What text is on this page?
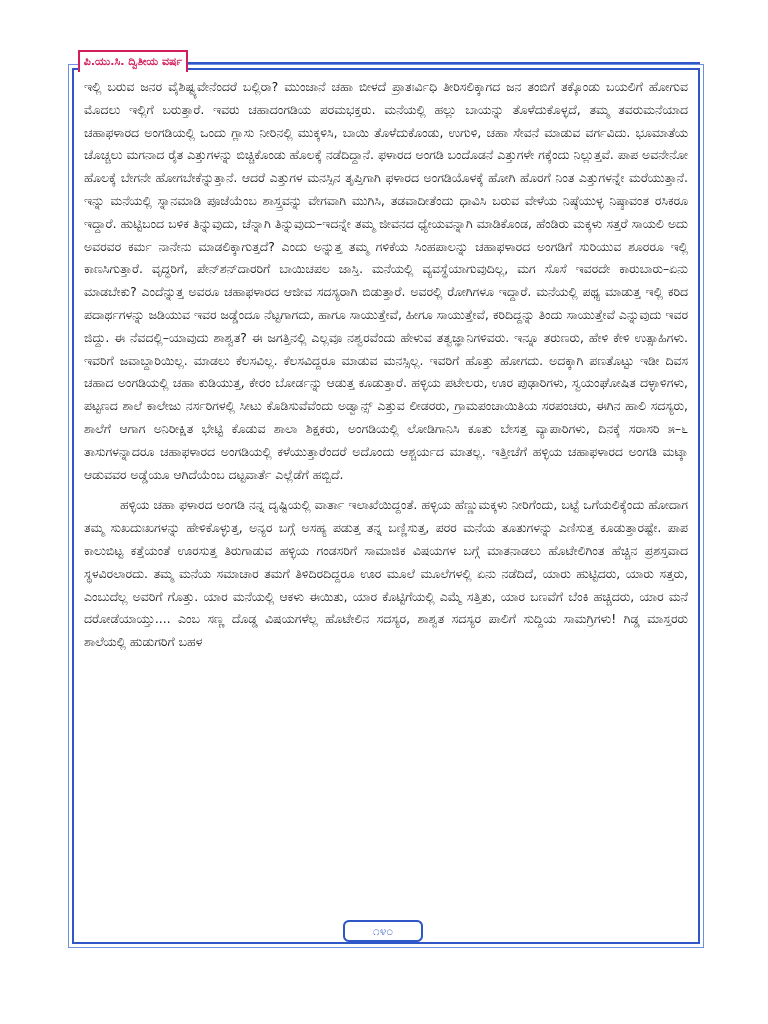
ಪಿ.ಯು.ಸಿ. ದ್ವಿತೀಯ ವರ್ಷ

ಇಲ್ಲಿ ಬರುವ ಜನರ ವೈಶಿಷ್ಟ್ಯವೇನೆಂದರೆ ಬಲ್ಲಿರಾ? ಮುಂಜಾನೆ ಚಹಾ ಬೀಳದೆ ಪ್ರಾತಃರ್ವಿಧಿ ತೀರಿಸಲಿಕ್ಕಾಗದ ಜನ ತಂಬಿಗೆ ತಕ್ಕೊಂಡು ಬಯಲಿಗೆ ಹೋಗುವ ಮೊದಲು ಇಲ್ಲಿಗೆ ಬರುತ್ತಾರೆ. ಇವರು ಚಹಾದಂಗಡಿಯ ಪರಮಭಕ್ತರು. ಮನೆಯಲ್ಲಿ ಹಲ್ಲು ಬಾಯನ್ನು ತೊಳೆದುಕೊಳ್ಳದೆ, ತಮ್ಮ ತವರುಮನೆಯಾದ ಚಹಾಫಳಾರದ ಅಂಗಡಿಯಲ್ಲಿ ಒಂದು ಗ್ಲಾಸು ನೀರಿನಲ್ಲಿ ಮುಕ್ಕಳಿಸಿ, ಬಾಯಿ ತೊಳೆದುಕೊಂಡು, ಉಗುಳಿ, ಚಹಾ ಸೇವನೆ ಮಾಡುವ ವರ್ಗವಿದು. ಭೂಮಾತೆಯ ಚೊಚ್ಚಲು ಮಗನಾದ ರೈತ ಎತ್ತುಗಳನ್ನು ಬಿಚ್ಚಿಕೊಂಡು ಹೊಲಕ್ಕೆ ನಡೆದಿದ್ದಾನೆ. ಫಳಾರದ ಅಂಗಡಿ ಬಂದೊಡನೆ ಎತ್ತುಗಳೇ ಗಕ್ಕೆಂದು ನಿಲ್ಲುತ್ತವೆ. ಪಾಪ ಅವನೇನೋ ಹೊಲಕ್ಕೆ ಬೇಗನೇ ಹೋಗಬೇಕೆನ್ನುತ್ತಾನೆ. ಆದರೆ ಎತ್ತುಗಳ ಮನಸ್ಸಿನ ತೃಪ್ತಿಗಾಗಿ ಫಳಾರದ ಅಂಗಡಿಯೊಳಕ್ಕೆ ಹೋಗಿ ಹೊರಗೆ ನಿಂತ ಎತ್ತುಗಳನ್ನೇ ಮರೆಯುತ್ತಾನೆ. ಇನ್ನು ಮನೆಯಲ್ಲಿ ಸ್ನಾನಮಾಡಿ ಪೂಜೆಯೆಂಬ ಶಾಸ್ತ್ರವನ್ನು ವೇಗವಾಗಿ ಮುಗಿಸಿ, ತಡವಾದೀತೆಂದು ಧಾವಿಸಿ ಬರುವ ವೇಳೆಯ ನಿಷ್ಠೆಯುಳ್ಳ ನಿಷ್ಠಾವಂತ ರಸಿಕರೂ ಇದ್ದಾರೆ. ಹುಟ್ಟಿಬಂದ ಬಳಿಕ ತಿನ್ನುವುದು, ಚೆನ್ನಾಗಿ ತಿನ್ನುವುದು–ಇದನ್ನೇ ತಮ್ಮ ಜೀವನದ ಧ್ಯೇಯವನ್ನಾಗಿ ಮಾಡಿಕೊಂಡ, ಹೆಂಡಿರು ಮಕ್ಕಳು ಸತ್ತರೆ ಸಾಯಲಿ ಅದು ಅವರವರ ಕರ್ಮ ನಾನೇನು ಮಾಡಲಿಕ್ಕಾಗುತ್ತದೆ? ಎಂದು ಅನ್ನುತ್ತ ತಮ್ಮ ಗಳಿಕೆಯ ಸಿಂಹಪಾಲನ್ನು ಚಹಾಫಳಾರದ ಅಂಗಡಿಗೆ ಸುರಿಯುವ ಶೂರರೂ ಇಲ್ಲಿ ಕಾಣಸಿಗುತ್ತಾರೆ. ವೃದ್ಧರಿಗೆ, ಪೇನ್‌ಶನ್‌ದಾರರಿಗೆ ಬಾಯಿಚಪಲ ಜಾಸ್ತಿ. ಮನೆಯಲ್ಲಿ ವ್ಯವಸ್ಥೆಯಾಗುವುದಿಲ್ಲ, ಮಗ ಸೊಸೆ ಇವರದೇ ಕಾರುಬಾರು–ಏನು ಮಾಡಬೇಕು? ಎಂದೆನ್ನುತ್ತ ಅವರೂ ಚಹಾಫಳಾರದ ಆಜೀವ ಸದಸ್ಯರಾಗಿ ಬಿಡುತ್ತಾರೆ. ಅವರಲ್ಲಿ ರೋಗಿಗಳೂ ಇದ್ದಾರೆ. ಮನೆಯಲ್ಲಿ ಪಥ್ಯ ಮಾಡುತ್ತ ಇಲ್ಲಿ ಕರಿದ ಪದಾರ್ಥಗಳನ್ನು ಜಡಿಯುವ ಇವರ ಜಡ್ಡೆಂದೂ ನೆಟ್ಟಗಾಗದು, ಹಾಗೂ ಸಾಯುತ್ತೇವೆ, ಹೀಗೂ ಸಾಯುತ್ತೇವೆ, ಕರಿದಿದ್ದನ್ನು ತಿಂದು ಸಾಯುತ್ತೇವೆ ಎನ್ನುವುದು ಇವರ ಜಿದ್ದು. ಈ ನೆವದಲ್ಲಿ–ಯಾವುದು ಶಾಶ್ವತ? ಈ ಜಗತ್ತಿನಲ್ಲಿ ಎಲ್ಲವೂ ನಶ್ವರವೆಂದು ಹೇಳುವ ತತ್ವಜ್ಞಾನಿಗಳಿವರು. ಇನ್ನೂ ತರುಣರು, ಹೇಳಿ ಕೇಳಿ ಉತ್ಸಾಹಿಗಳು. ಇವರಿಗೆ ಜವಾಬ್ದಾರಿಯಿಲ್ಲ. ಮಾಡಲು ಕೆಲಸವಿಲ್ಲ. ಕೆಲಸವಿದ್ದರೂ ಮಾಡುವ ಮನಸ್ಸಿಲ್ಲ. ಇವರಿಗೆ ಹೊತ್ತು ಹೋಗದು. ಅದಕ್ಕಾಗಿ ಪಣತೊಟ್ಟು ಇಡೀ ದಿವಸ ಚಹಾದ ಅಂಗಡಿಯಲ್ಲಿ ಚಹಾ ಕುಡಿಯುತ್ತ, ಕೇರಂ ಬೋರ್ಡನ್ನು ಆಡುತ್ತ ಕೂಡುತ್ತಾರೆ. ಹಳ್ಳಿಯ ಪಟೇಲರು, ಊರ ಪುಢಾರಿಗಳು, ಸ್ವಯಂಘೋಷಿತ ದಳ್ಳಾಳಿಗಳು, ಪಟ್ಟಣದ ಶಾಲೆ ಕಾಲೇಜು ನರ್ಸರಿಗಳಲ್ಲಿ ಸೀಟು ಕೊಡಿಸುವೆವೆಂದು ಅಡ್ವಾನ್ಸ್ ಎತ್ತುವ ಲೀಡರರು, ಗ್ರಾಮಪಂಚಾಯಿತಿಯ ಸರಪಂಚರು, ಈಗಿನ ಹಾಲಿ ಸದಸ್ಯರು, ಶಾಲೆಗೆ ಆಗಾಗ ಅನಿರೀಕ್ಷಿತ ಭೇಟ್ಟಿ ಕೊಡುವ ಶಾಲಾ ಶಿಕ್ಷಕರು, ಅಂಗಡಿಯಲ್ಲಿ ಲೋಡಿಗಾನಿಸಿ ಕೂತು ಬೇಸತ್ತ ವ್ಯಾಪಾರಿಗಳು, ದಿನಕ್ಕೆ ಸರಾಸರಿ ೫–೬ ತಾಸುಗಳನ್ನಾದರೂ ಚಹಾಫಳಾರದ ಅಂಗಡಿಯಲ್ಲಿ ಕಳೆಯುತ್ತಾರೆಂದರೆ ಅದೊಂದು ಆಶ್ಚರ್ಯದ ಮಾತಲ್ಲ. ಇತ್ತೀಚೆಗೆ ಹಳ್ಳಿಯ ಚಹಾಫಳಾರದ ಅಂಗಡಿ ಮಟ್ಕಾ ಆಡುವವರ ಅಡ್ಡೆಯೂ ಆಗಿದೆಯೆಂಬ ದಟ್ಟವಾರ್ತೆ ಎಲ್ಲೆಡೆಗೆ ಹಬ್ಬಿದೆ.

ಹಳ್ಳಿಯ ಚಹಾ ಫಳಾರದ ಅಂಗಡಿ ನನ್ನ ದೃಷ್ಟಿಯಲ್ಲಿ ವಾರ್ತಾ ಇಲಾಖೆಯಿದ್ದಂತೆ. ಹಳ್ಳಿಯ ಹೆಣ್ಣುಮಕ್ಕಳು ನೀರಿಗೆಂದು, ಬಟ್ಟೆ ಒಗೆಯಲಿಕ್ಕೆಂದು ಹೋದಾಗ ತಮ್ಮ ಸುಖದುಃಖಗಳನ್ನು ಹೇಳಿಕೊಳ್ಳುತ್ತ, ಅನ್ಯರ ಬಗ್ಗೆ ಅಸಹ್ಯ ಪಡುತ್ತ ತನ್ನ ಬಣ್ಣಿಸುತ್ತ, ಪರರ ಮನೆಯ ತೂತುಗಳನ್ನು ಎಣಿಸುತ್ತ ಕೂಡುತ್ತಾರಷ್ಟೇ. ಪಾಪ ಕಾಲುಬಿಟ್ಟ ಕತ್ತೆಯಂತೆ ಊರಸುತ್ತ ತಿರುಗಾಡುವ ಹಳ್ಳಿಯ ಗಂಡಸರಿಗೆ ಸಾಮಾಜಿಕ ವಿಷಯಗಳ ಬಗ್ಗೆ ಮಾತನಾಡಲು ಹೊಟೇಲಿಗಿಂತ ಹೆಚ್ಚಿನ ಪ್ರಶಸ್ತವಾದ ಸ್ಥಳವಿರಲಾರದು. ತಮ್ಮ ಮನೆಯ ಸಮಾಚಾರ ತಮಗೆ ತಿಳಿದಿರದಿದ್ದರೂ ಊರ ಮೂಲೆ ಮೂಲೆಗಳಲ್ಲಿ ಏನು ನಡೆದಿದೆ, ಯಾರು ಹುಟ್ಟಿದರು, ಯಾರು ಸತ್ತರು, ಎಂಬುದೆಲ್ಲ ಅವರಿಗೆ ಗೊತ್ತು. ಯಾರ ಮನೆಯಲ್ಲಿ ಆಕಳು ಈಯಿತು, ಯಾರ ಕೊಟ್ಟಿಗೆಯಲ್ಲಿ ಎಮ್ಮೆ ಸತ್ತಿತು, ಯಾರ ಬಣವೆಗೆ ಬೆಂಕಿ ಹಚ್ಚಿದರು, ಯಾರ ಮನೆ ದರೋಡೆಯಾಯ್ತು.... ಎಂಬ ಸಣ್ಣ ದೊಡ್ಡ ವಿಷಯಗಳೆಲ್ಲ ಹೊಟೇಲಿನ ಸದಸ್ಯರ, ಶಾಶ್ವತ ಸದಸ್ಯರ ಪಾಲಿಗೆ ಸುದ್ದಿಯ ಸಾಮಗ್ರಿಗಳು! ಗಿಡ್ಡ ಮಾಸ್ತರರು ಶಾಲೆಯಲ್ಲಿ ಹುಡುಗರಿಗೆ ಬಹಳ

೧೪೦
